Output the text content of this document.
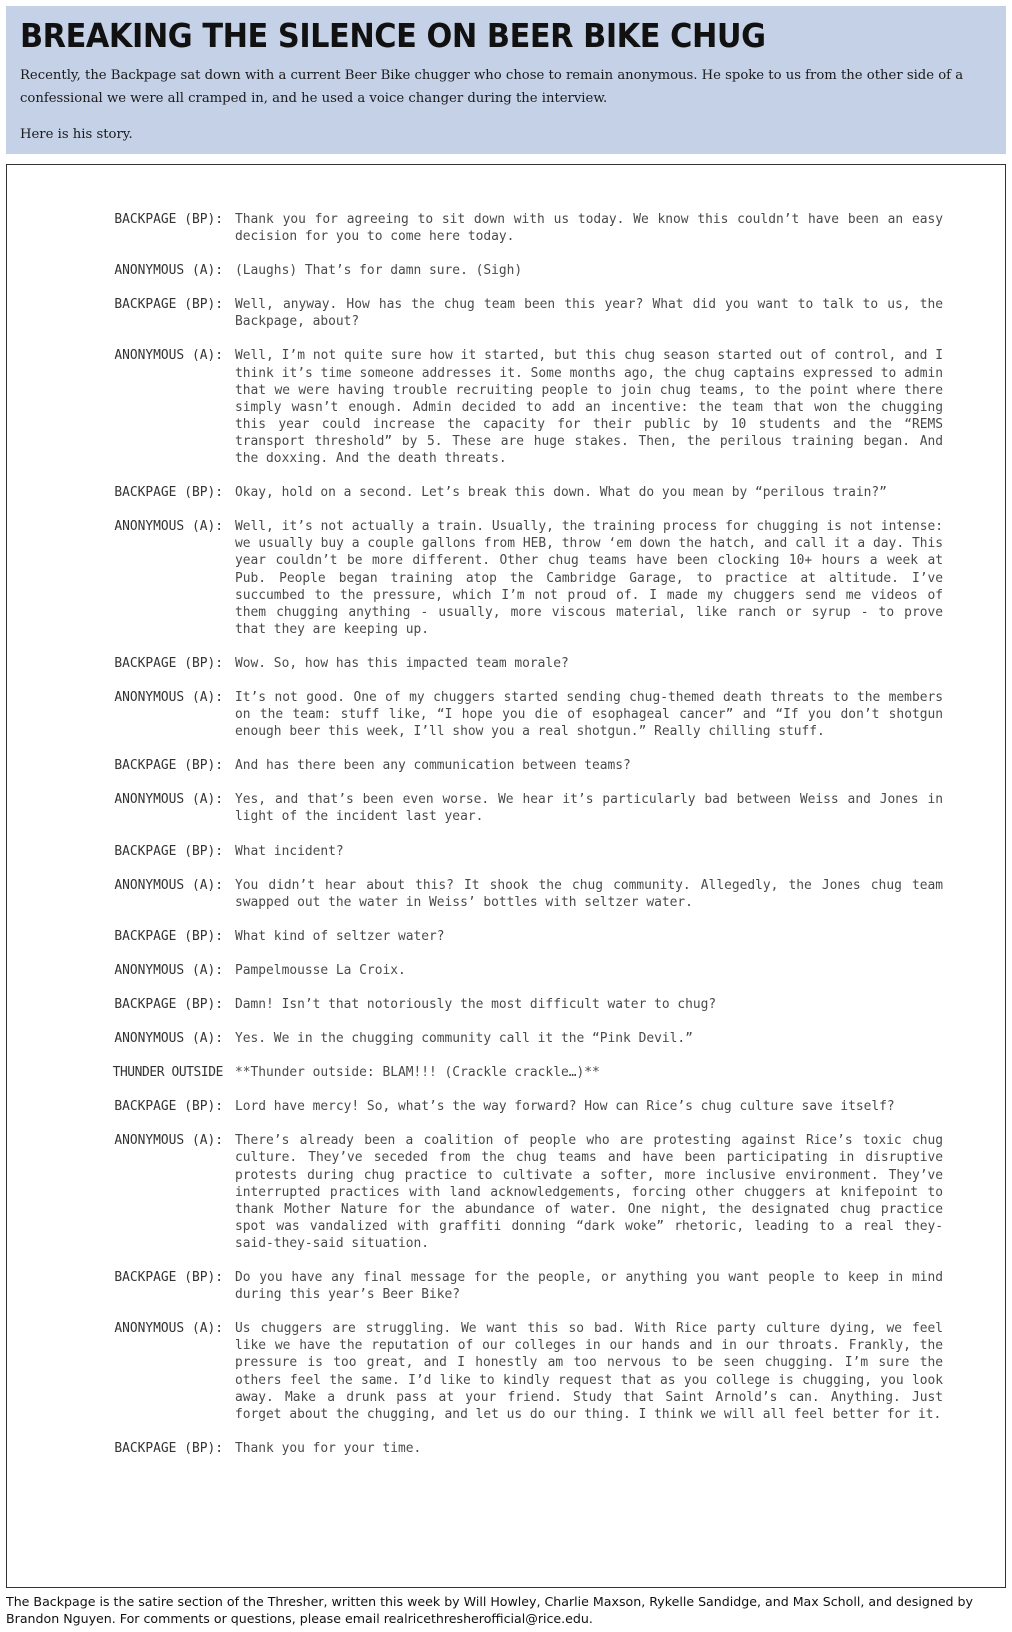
BREAKING THE SILENCE ON BEER BIKE CHUG

Recently, the Backpage sat down with a current Beer Bike chugger who chose to remain anonymous. He spoke to us from the other side of a confessional we were all cramped in, and he used a voice changer during the interview.

Here is his story.

BACKPAGE (BP): Thank you for agreeing to sit down with us today. We know this couldn’t have been an easy decision for you to come here today.
ANONYMOUS (A): (Laughs) That’s for damn sure. (Sigh)
BACKPAGE (BP): Well, anyway. How has the chug team been this year? What did you want to talk to us, the Backpage, about?
ANONYMOUS (A): Well, I’m not quite sure how it started, but this chug season started out of control, and I think it’s time someone addresses it. Some months ago, the chug captains expressed to admin that we were having trouble recruiting people to join chug teams, to the point where there simply wasn’t enough. Admin decided to add an incentive: the team that won the chugging this year could increase the capacity for their public by 10 students and the “REMS transport threshold” by 5. These are huge stakes. Then, the perilous training began. And the doxxing. And the death threats.
BACKPAGE (BP): Okay, hold on a second. Let’s break this down. What do you mean by “perilous train?”
ANONYMOUS (A): Well, it’s not actually a train. Usually, the training process for chugging is not intense: we usually buy a couple gallons from HEB, throw ‘em down the hatch, and call it a day. This year couldn’t be more different. Other chug teams have been clocking 10+ hours a week at Pub. People began training atop the Cambridge Garage, to practice at altitude. I’ve succumbed to the pressure, which I’m not proud of. I made my chuggers send me videos of them chugging anything - usually, more viscous material, like ranch or syrup - to prove that they are keeping up.
BACKPAGE (BP): Wow. So, how has this impacted team morale?
ANONYMOUS (A): It’s not good. One of my chuggers started sending chug-themed death threats to the members on the team: stuff like, “I hope you die of esophageal cancer” and “If you don’t shotgun enough beer this week, I’ll show you a real shotgun.” Really chilling stuff.
BACKPAGE (BP): And has there been any communication between teams?
ANONYMOUS (A): Yes, and that’s been even worse. We hear it’s particularly bad between Weiss and Jones in light of the incident last year.
BACKPAGE (BP): What incident?
ANONYMOUS (A): You didn’t hear about this? It shook the chug community. Allegedly, the Jones chug team swapped out the water in Weiss’ bottles with seltzer water.
BACKPAGE (BP): What kind of seltzer water?
ANONYMOUS (A): Pampelmousse La Croix.
BACKPAGE (BP): Damn! Isn’t that notoriously the most difficult water to chug?
ANONYMOUS (A): Yes. We in the chugging community call it the “Pink Devil.”
THUNDER OUTSIDE **Thunder outside: BLAM!!! (Crackle crackle…)**
BACKPAGE (BP): Lord have mercy! So, what’s the way forward? How can Rice’s chug culture save itself?
ANONYMOUS (A): There’s already been a coalition of people who are protesting against Rice’s toxic chug culture. They’ve seceded from the chug teams and have been participating in disruptive protests during chug practice to cultivate a softer, more inclusive environment. They’ve interrupted practices with land acknowledgements, forcing other chuggers at knifepoint to thank Mother Nature for the abundance of water. One night, the designated chug practice spot was vandalized with graffiti donning “dark woke” rhetoric, leading to a real they-said-they-said situation.
BACKPAGE (BP): Do you have any final message for the people, or anything you want people to keep in mind during this year’s Beer Bike?
ANONYMOUS (A): Us chuggers are struggling. We want this so bad. With Rice party culture dying, we feel like we have the reputation of our colleges in our hands and in our throats. Frankly, the pressure is too great, and I honestly am too nervous to be seen chugging. I’m sure the others feel the same. I’d like to kindly request that as you college is chugging, you look away. Make a drunk pass at your friend. Study that Saint Arnold’s can. Anything. Just forget about the chugging, and let us do our thing. I think we will all feel better for it.
BACKPAGE (BP): Thank you for your time.
The Backpage is the satire section of the Thresher, written this week by Will Howley, Charlie Maxson, Rykelle Sandidge, and Max Scholl, and designed by Brandon Nguyen. For comments or questions, please email realricethresherofficial@rice.edu.
